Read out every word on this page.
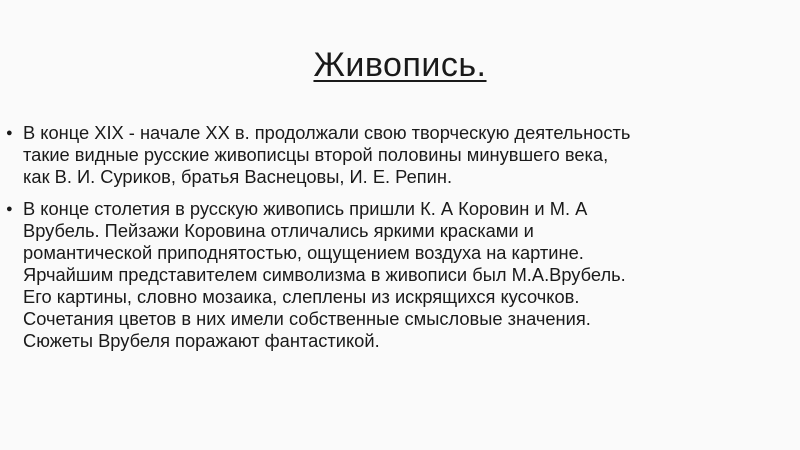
Живопись.
● В конце XIX - начале XX в. продолжали свою творческую деятельность
такие видные русские живописцы второй половины минувшего века,
как В. И. Суриков, братья Васнецовы, И. Е. Репин.
● В конце столетия в русскую живопись пришли К. А Коровин и М. А
Врубель. Пейзажи Коровина отличались яркими красками и
романтической приподнятостью, ощущением воздуха на картине.
Ярчайшим представителем символизма в живописи был М.А.Врубель.
Его картины, словно мозаика, слеплены из искрящихся кусочков.
Сочетания цветов в них имели собственные смысловые значения.
Сюжеты Врубеля поражают фантастикой.
